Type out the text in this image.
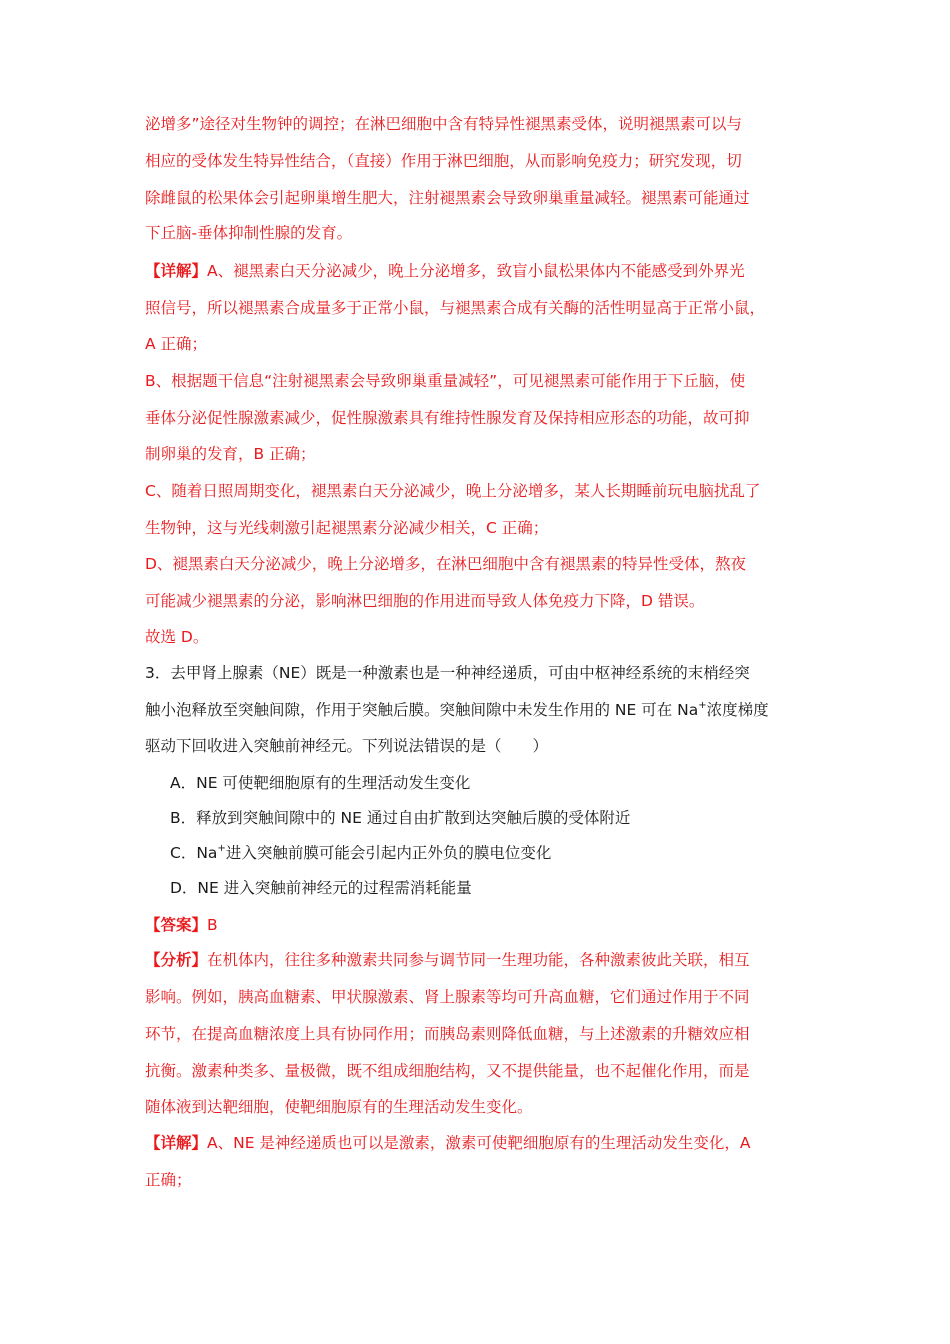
泌增多”途径对生物钟的调控；在淋巴细胞中含有特异性褪黑素受体，说明褪黑素可以与
相应的受体发生特异性结合，（直接）作用于淋巴细胞，从而影响免疫力；研究发现，切
除雌鼠的松果体会引起卵巢增生肥大，注射褪黑素会导致卵巢重量减轻。褪黑素可能通过
下丘脑-垂体抑制性腺的发育。
【详解】A、褪黑素白天分泌减少，晚上分泌增多，致盲小鼠松果体内不能感受到外界光
照信号，所以褪黑素合成量多于正常小鼠，与褪黑素合成有关酶的活性明显高于正常小鼠，
A 正确；
B、根据题干信息“注射褪黑素会导致卵巢重量减轻”，可见褪黑素可能作用于下丘脑，使
垂体分泌促性腺激素减少，促性腺激素具有维持性腺发育及保持相应形态的功能，故可抑
制卵巢的发育，B 正确；
C、随着日照周期变化，褪黑素白天分泌减少，晚上分泌增多，某人长期睡前玩电脑扰乱了
生物钟，这与光线刺激引起褪黑素分泌减少相关，C 正确；
D、褪黑素白天分泌减少，晚上分泌增多，在淋巴细胞中含有褪黑素的特异性受体，熬夜
可能减少褪黑素的分泌，影响淋巴细胞的作用进而导致人体免疫力下降，D 错误。
故选 D。
3．去甲肾上腺素（NE）既是一种激素也是一种神经递质，可由中枢神经系统的末梢经突
触小泡释放至突触间隙，作用于突触后膜。突触间隙中未发生作用的 NE 可在 Na+浓度梯度
驱动下回收进入突触前神经元。下列说法错误的是（　　）
A．NE 可使靶细胞原有的生理活动发生变化
B．释放到突触间隙中的 NE 通过自由扩散到达突触后膜的受体附近
C．Na+进入突触前膜可能会引起内正外负的膜电位变化
D．NE 进入突触前神经元的过程需消耗能量
【答案】B
【分析】在机体内，往往多种激素共同参与调节同一生理功能，各种激素彼此关联，相互
影响。例如，胰高血糖素、甲状腺激素、肾上腺素等均可升高血糖，它们通过作用于不同
环节，在提高血糖浓度上具有协同作用；而胰岛素则降低血糖，与上述激素的升糖效应相
抗衡。激素种类多、量极微，既不组成细胞结构，又不提供能量，也不起催化作用，而是
随体液到达靶细胞，使靶细胞原有的生理活动发生变化。
【详解】A、NE 是神经递质也可以是激素，激素可使靶细胞原有的生理活动发生变化，A
正确；
